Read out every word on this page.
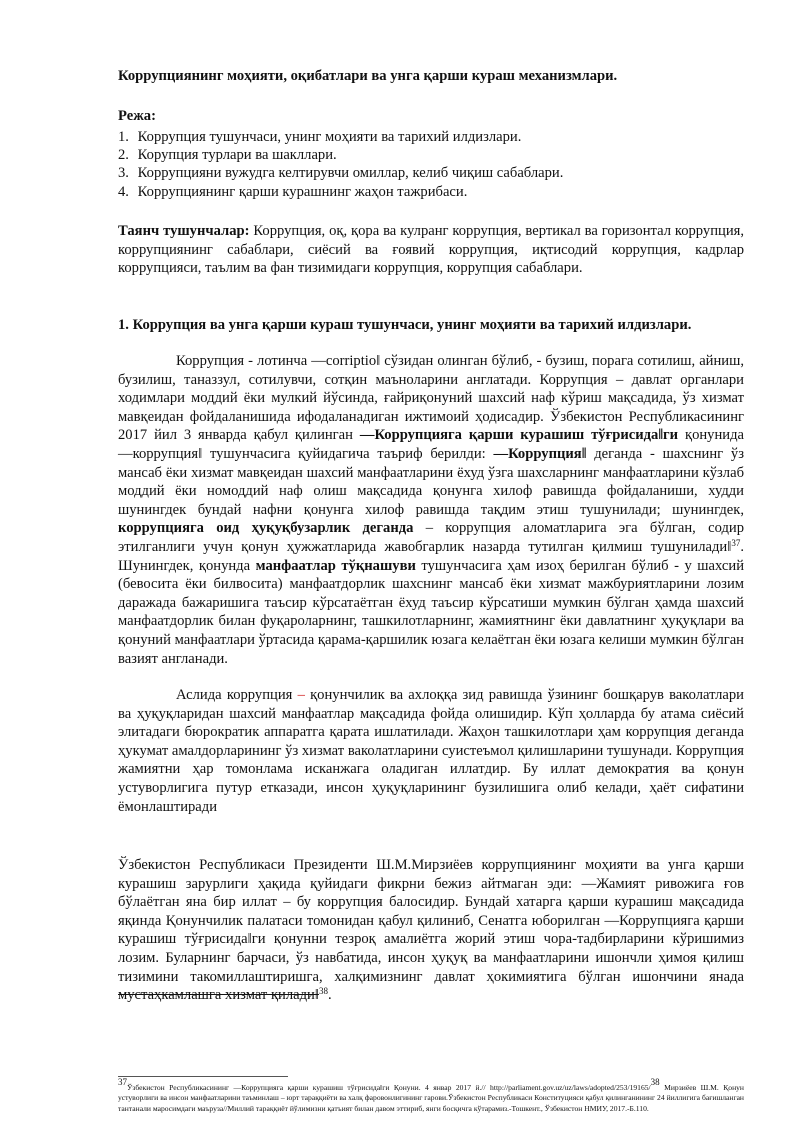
Коррупциянинг моҳияти, оқибатлари ва унга қарши кураш механизмлари.
Режа:
1. Коррупция тушунчаси, унинг моҳияти ва тарихий илдизлари.
2. Корупция турлари ва шакллари.
3. Коррупцияни вужудга келтирувчи омиллар, келиб чиқиш сабаблари.
4. Коррупциянинг қарши курашнинг жаҳон тажрибаси.
Таянч тушунчалар: Коррупция, оқ, қора ва кулранг коррупция, вертикал ва горизонтал коррупция, коррупциянинг сабаблари, сиёсий ва ғоявий коррупция, иқтисодий коррупция, кадрлар коррупцияси, таълим ва фан тизимидаги коррупция, коррупция сабаблари.
1. Коррупция ва унга қарши кураш тушунчаси, унинг моҳияти ва тарихий илдизлари.
Коррупция - лотинча ―corriptio‖ сўзидан олинган бўлиб, - бузиш, порага сотилиш, айниш, бузилиш, таназзул, сотилувчи, сотқин маъноларини англатади. Коррупция – давлат органлари ходимлари моддий ёки мулкий йўсинда, ғайриқонуний шахсий наф кўриш мақсадида, ўз хизмат мавқеидан фойдаланишида ифодаланадиган ижтимоий ҳодисадир. Ўзбекистон Республикасининг 2017 йил 3 январда қабул қилинган ―Коррупцияга қарши курашиш тўғрисида‖ги қонунида ―коррупция‖ тушунчасига қуйидагича таъриф берилди: ―Коррупция‖ деганда - шахснинг ўз мансаб ёки хизмат мавқеидан шахсий манфаатларини ёхуд ўзга шахсларнинг манфаатларини кўзлаб моддий ёки номоддий наф олиш мақсадида қонунга хилоф равишда фойдаланиши, худди шунингдек бундай нафни қонунга хилоф равишда тақдим этиш тушунилади; шунингдек, коррупцияга оид ҳуқуқбузарлик деганда – коррупция аломатларига эга бўлган, содир этилганлиги учун қонун ҳужжатларида жавобгарлик назарда тутилган қилмиш тушунилади‖$^{37}$. Шунингдек, қонунда манфаатлар тўқнашуви тушунчасига ҳам изоҳ берилган бўлиб - у шахсий (бевосита ёки билвосита) манфаатдорлик шахснинг мансаб ёки хизмат мажбуриятларини лозим даражада бажаришига таъсир кўрсатаётган ёхуд таъсир кўрсатиши мумкин бўлган ҳамда шахсий манфаатдорлик билан фуқароларнинг, ташкилотларнинг, жамиятнинг ёки давлатнинг ҳуқуқлари ва қонуний манфаатлари ўртасида қарама-қаршилик юзага келаётган ёки юзага келиши мумкин бўлган вазият англанади.
Аслида коррупция – қонунчилик ва ахлоққа зид равишда ўзининг бошқарув ваколатлари ва ҳуқуқларидан шахсий манфаатлар мақсадида фойда олишидир. Кўп ҳолларда бу атама сиёсий элитадаги бюрократик аппаратга қарата ишлатилади. Жаҳон ташкилотлари ҳам коррупция деганда ҳукумат амалдорларининг ўз хизмат ваколатларини суистеъмол қилишларини тушунади. Коррупция жамиятни ҳар томонлама исканжага оладиган иллатдир. Бу иллат демократия ва қонун устуворлигига путур етказади, инсон ҳуқуқларининг бузилишига олиб келади, ҳаёт сифатини ёмонлаштиради
Ўзбекистон Республикаси Президенти Ш.М.Мирзиёев коррупциянинг моҳияти ва унга қарши курашиш зарурлиги ҳақида қуйидаги фикрни бежиз айтмаган эди: ―Жамият ривожига ғов бўлаётган яна бир иллат – бу коррупция балосидир. Бундай хатарга қарши курашиш мақсадида яқинда Қонунчилик палатаси томонидан қабул қилиниб, Сенатга юборилган ―Коррупцияга қарши курашиш тўғрисида‖ги қонунни тезроқ амалиётга жорий этиш чора-тадбирларини кўришимиз лозим. Буларнинг барчаси, ўз навбатида, инсон ҳуқуқ ва манфаатларини ишончли ҳимоя қилиш тизимини такомиллаштиришга, халқимизнинг давлат ҳокимиятига бўлган ишончини янада мустаҳкамлашга хизмат қилади‖$^{38}$.
$^{37}$Ўзбекистон Республикасининг ―Коррупцияга қарши курашиш тўғрисида‖ги Қонуни. 4 январ 2017 й.// http://parliament.gov.uz/uz/laws/adopted/253/19165/$^{38}$ Мирзиёев Ш.М. Қонун устуворлиги ва инсон манфаатларини таъминлаш – юрт тараққиёти ва халқ фаровонлигининг гарови.Ўзбекистон Республикаси Конституцияси қабул қилинганининг 24 йиллигига бағишланган тантанали маросимдаги маъруза//Миллий тараққиёт йўлимизни қатъият билан давом эттириб, янги босқичга кўтарамиз.-Тошкент., Ўзбекистон НМИУ, 2017.-Б.110.
